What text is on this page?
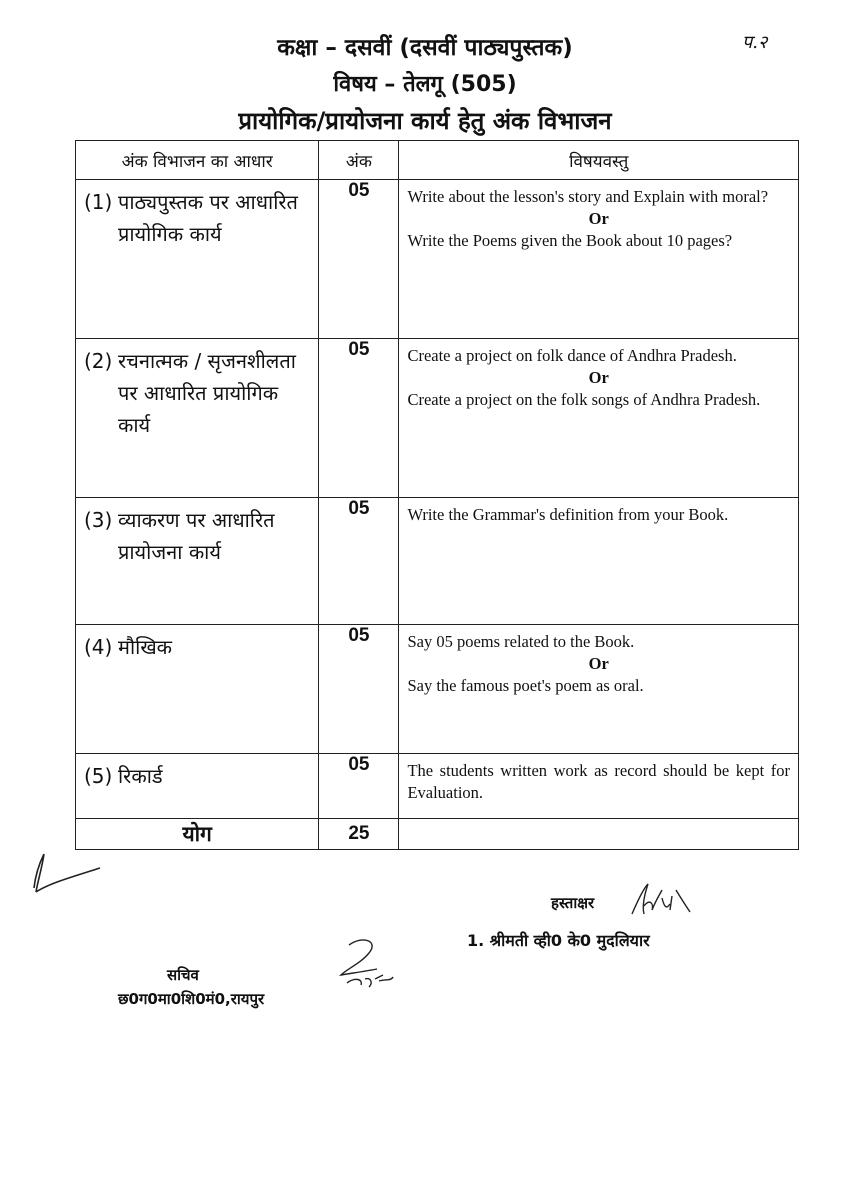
कक्षा – दसवीं (दसवीं पाठ्यपुस्तक)
विषय – तेलगू (505)
प्रायोगिक/प्रायोजना कार्य हेतु अंक विभाजन
प.२
अंक विभाजन का आधार	अंक	विषयवस्तु

(1) पाठ्यपुस्तक पर आधारित प्रायोगिक कार्य	05	Write about the lesson's story and Explain with moral?
Or
Write the Poems given the Book about 10 pages?

(2) रचनात्मक / सृजनशीलता पर आधारित प्रायोगिक कार्य	05	Create a project on folk dance of Andhra Pradesh.
Or
Create a project on the folk songs of Andhra Pradesh.

(3) व्याकरण पर आधारित प्रायोजना कार्य	05	Write the Grammar's definition from your Book.

(4) मौखिक	05	Say 05 poems related to the Book.
Or
Say the famous poet's poem as oral.

(5) रिकार्ड	05	The students written work as record should be kept for Evaluation.

योग	25	
हस्ताक्षर
1. श्रीमती व्ही0 के0 मुदलियार
सचिव
छ0ग0मा0शि0मं0,रायपुर
